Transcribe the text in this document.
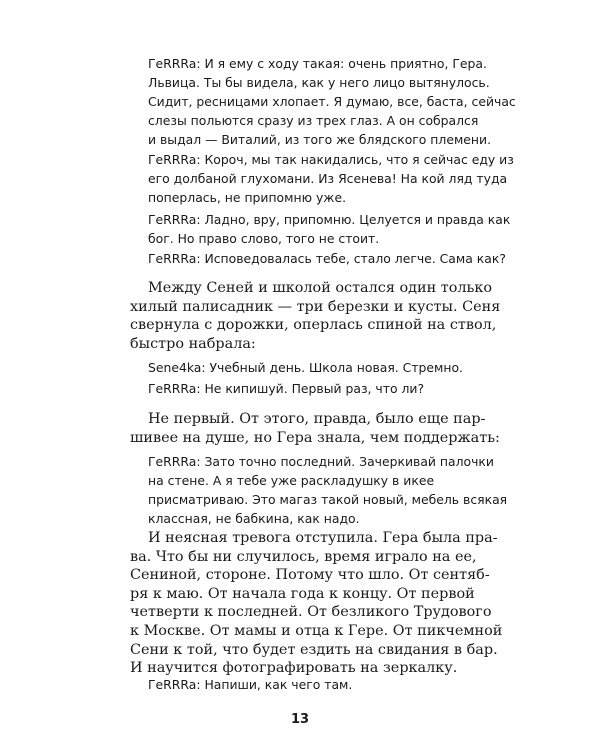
ГеRRRa: И я ему с ходу такая: очень приятно, Гера.
Львица. Ты бы видела, как у него лицо вытянулось.
Сидит, ресницами хлопает. Я думаю, все, баста, сейчас
слезы польются сразу из трех глаз. А он собрался
и выдал — Виталий, из того же блядского племени.
ГеRRRa: Короч, мы так накидались, что я сейчас еду из
его долбаной глухомани. Из Ясенева! На кой ляд туда
поперлась, не припомню уже.
ГеRRRa: Ладно, вру, припомню. Целуется и правда как
бог. Но право слово, того не стоит.
ГеRRRa: Исповедовалась тебе, стало легче. Сама как?
Между Сеней и школой остался один только
хилый палисадник — три березки и кусты. Сеня
свернула с дорожки, оперлась спиной на ствол,
быстро набрала:
Sene4ka: Учебный день. Школа новая. Стремно.
ГеRRRa: Не кипишуй. Первый раз, что ли?
Не первый. От этого, правда, было еще пар-
шивее на душе, но Гера знала, чем поддержать:
ГеRRRa: Зато точно последний. Зачеркивай палочки
на стене. А я тебе уже раскладушку в икее
присматриваю. Это магаз такой новый, мебель всякая
классная, не бабкина, как надо.
И неясная тревога отступила. Гера была пра-
ва. Что бы ни случилось, время играло на ее,
Сениной, стороне. Потому что шло. От сентяб-
ря к маю. От начала года к концу. От первой
четверти к последней. От безликого Трудового
к Москве. От мамы и отца к Гере. От пикчемной
Сени к той, что будет ездить на свидания в бар.
И научится фотографировать на зеркалку.
ГеRRRa: Напиши, как чего там.
13
